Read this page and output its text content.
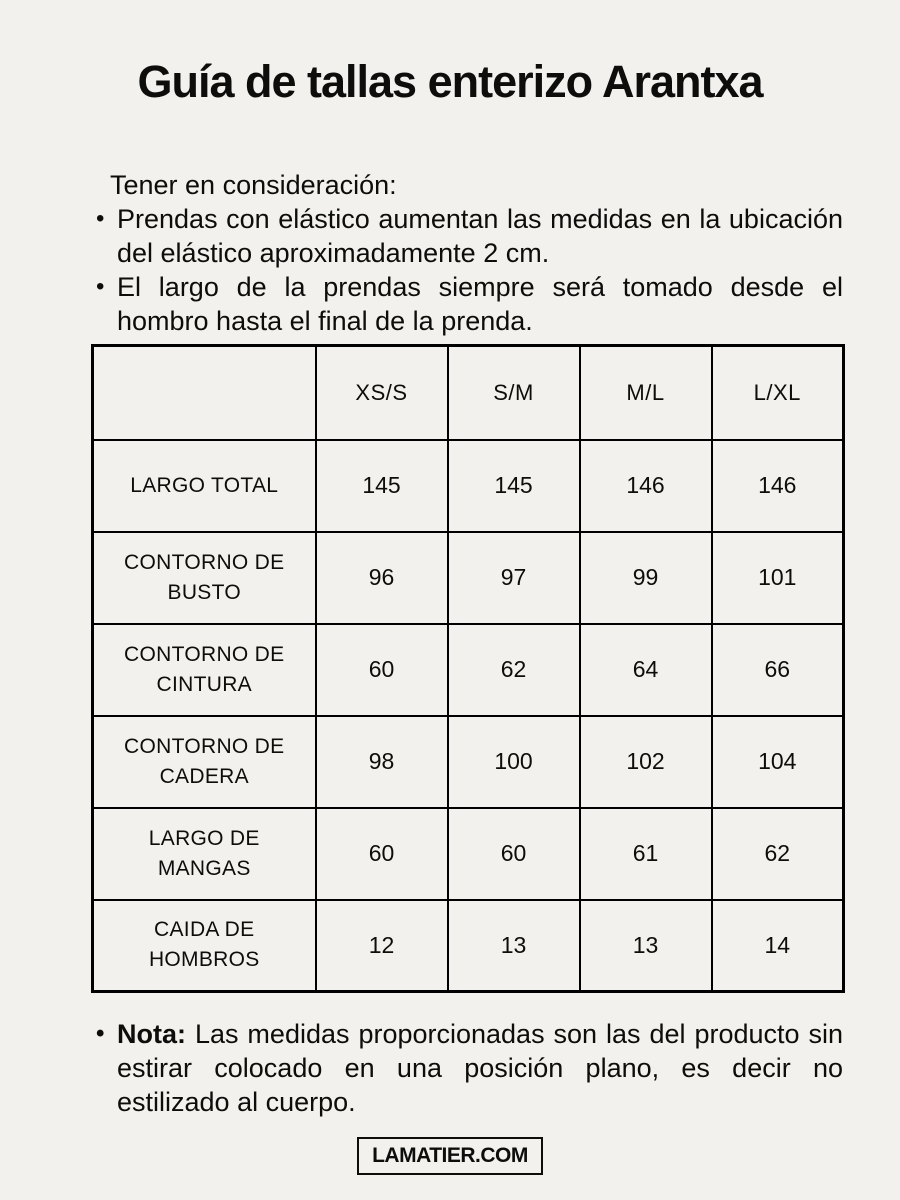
Guía de tallas enterizo Arantxa

Tener en consideración:

• Prendas con elástico aumentan las medidas en la ubicación del elástico aproximadamente 2 cm.
• El largo de la prendas siempre será tomado desde el hombro hasta el final de la prenda.
	XS/S	S/M	M/L	L/XL
LARGO TOTAL	145	145	146	146
CONTORNO DE BUSTO	96	97	99	101
CONTORNO DE CINTURA	60	62	64	66
CONTORNO DE CADERA	98	100	102	104
LARGO DE MANGAS	60	60	61	62
CAIDA DE HOMBROS	12	13	13	14
• Nota: Las medidas proporcionadas son las del producto sin estirar colocado en una posición plano, es decir no estilizado al cuerpo.

LAMATIER.COM
